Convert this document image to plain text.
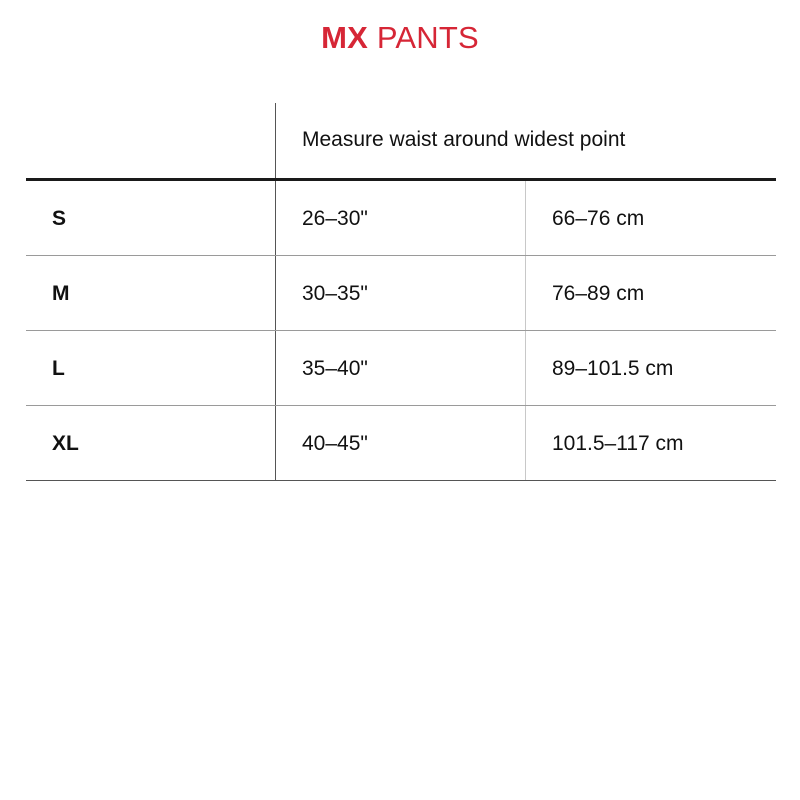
MX PANTS
Measure waist around widest point
S	26–30"	66–76 cm
M	30–35"	76–89 cm
L	35–40"	89–101.5 cm
XL	40–45"	101.5–117 cm
